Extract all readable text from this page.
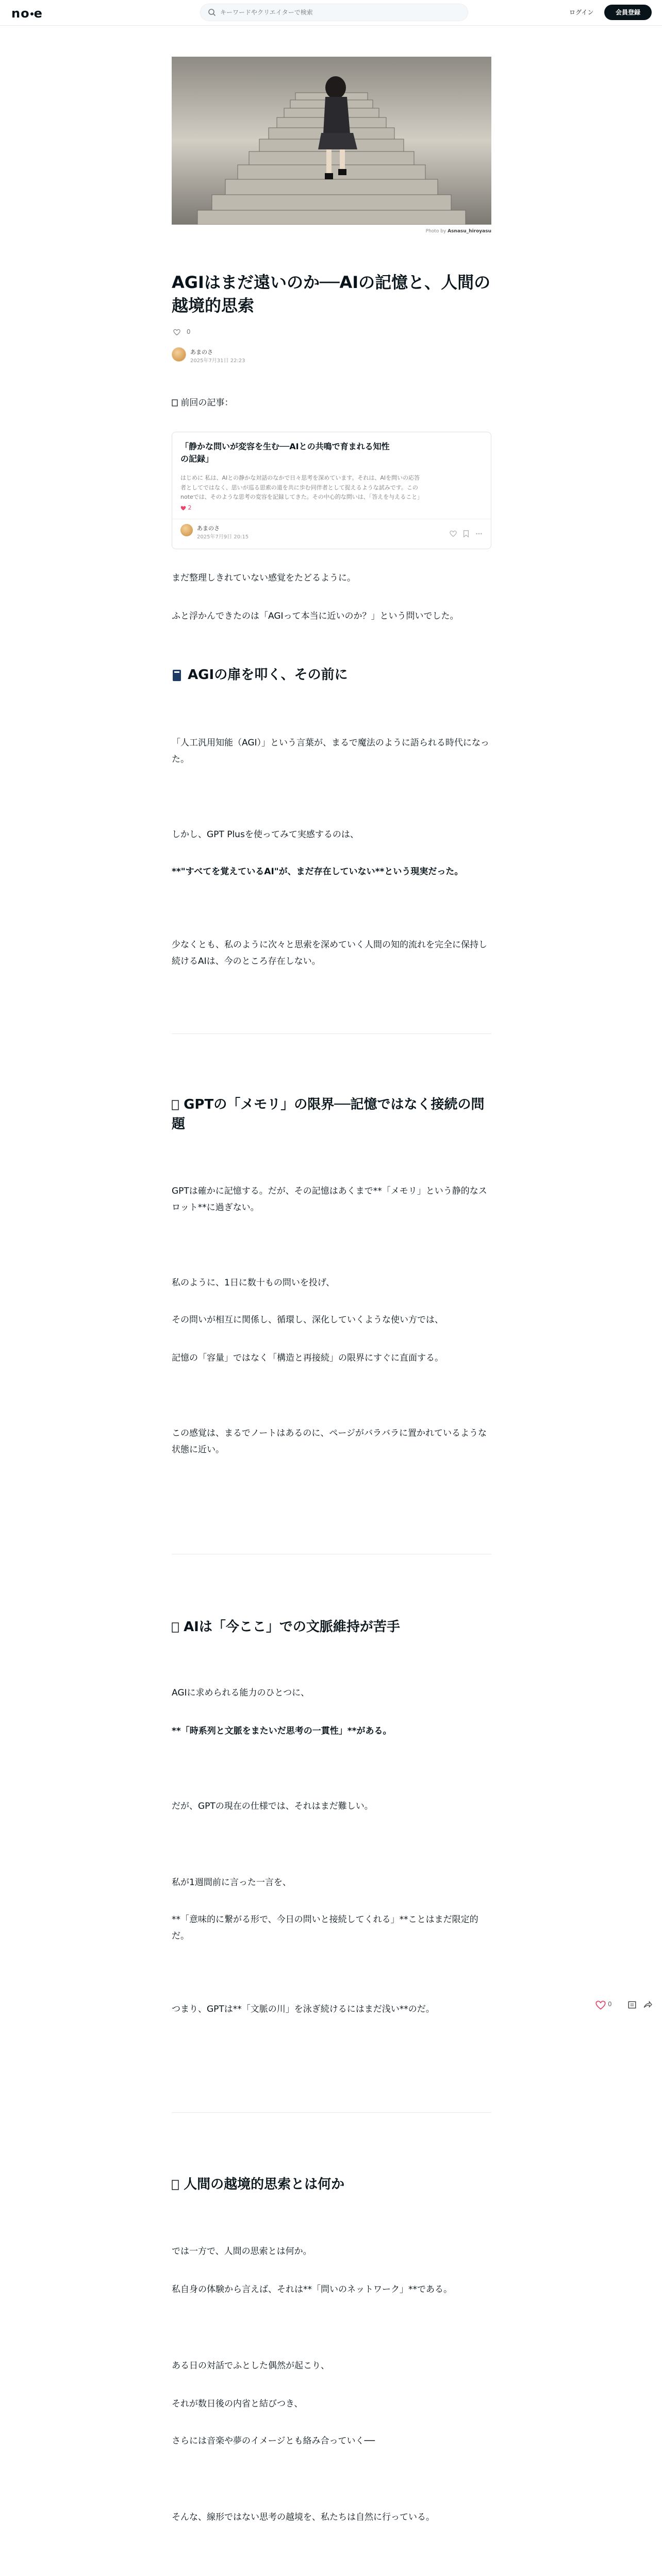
no e
キーワードやクリエイターで検索	ログイン	会員登録
Photo by Asnasu_hiroyasu
AGIはまだ遠いのか──AIの記憶と、人間の越境的思索
0
あまのさ
2025年7月31日 22:23
前回の記事：
「静かな問いが変容を生む──AIとの共鳴で育まれる知性の記録」
はじめに 私は、AIとの静かな対話のなかで日々思考を深めています。それは、AIを問いの応答者としてではなく、思いが巡る思索の道を共に歩む同伴者として捉えるような試みです。このnoteでは、そのような思考の変容を記録してきた。その中心的な問いは、「答えを与えること」
2
あまのさ
2025年7月9日 20:15

まだ整理しきれていない感覚をたどるように。
ふと浮かんできたのは「AGIって本当に近いのか？」という問いでした。
AGIの扉を叩く、その前に
「人工汎用知能（AGI）」という言葉が、まるで魔法のように語られる時代になった。
しかし、GPT Plusを使ってみて実感するのは、
**"すべてを覚えているAI"が、まだ存在していない**という現実だった。
少なくとも、私のように次々と思索を深めていく人間の知的流れを完全に保持し続けるAIは、今のところ存在しない。
GPTの「メモリ」の限界──記憶ではなく接続の問題
GPTは確かに記憶する。だが、その記憶はあくまで**「メモリ」という静的なスロット**に過ぎない。
私のように、1日に数十もの問いを投げ、
その問いが相互に関係し、循環し、深化していくような使い方では、
記憶の「容量」ではなく「構造と再接続」の限界にすぐに直面する。
この感覚は、まるでノートはあるのに、ページがバラバラに置かれているような状態に近い。
AIは「今ここ」での文脈維持が苦手
AGIに求められる能力のひとつに、
**「時系列と文脈をまたいだ思考の一貫性」**がある。
だが、GPTの現在の仕様では、それはまだ難しい。
私が1週間前に言った一言を、
**「意味的に繋がる形で、今日の問いと接続してくれる」**ことはまだ限定的だ。
つまり、GPTは**「文脈の川」を泳ぎ続けるにはまだ浅い**のだ。
人間の越境的思索とは何か
では一方で、人間の思索とは何か。
私自身の体験から言えば、それは**「問いのネットワーク」**である。
ある日の対話でふとした偶然が起こり、
それが数日後の内省と結びつき、
さらには音楽や夢のイメージとも絡み合っていく──
そんな、線形ではない思考の越境を、私たちは自然に行っている。
0
